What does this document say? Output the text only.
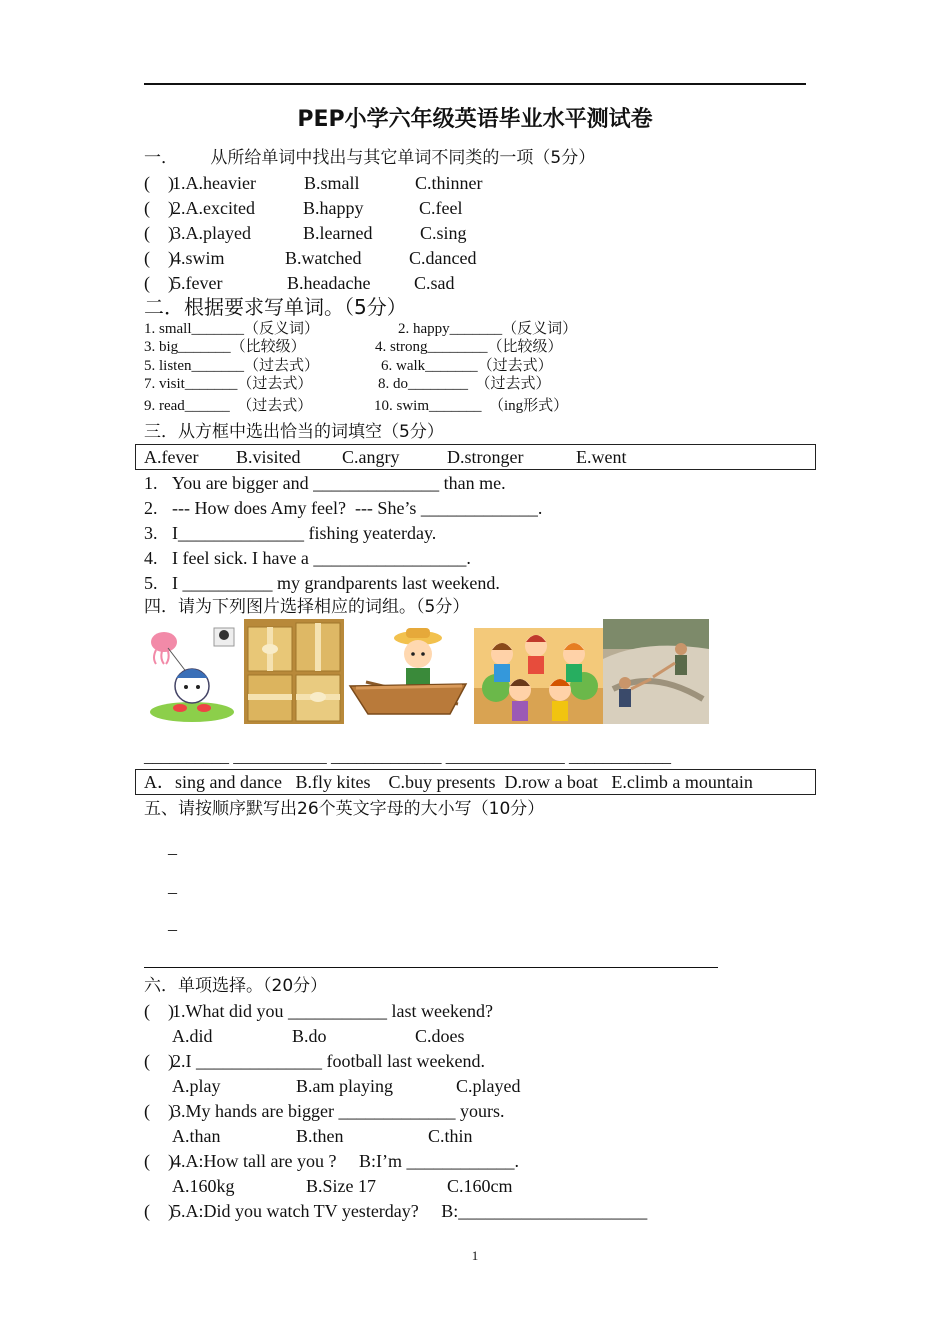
PEP小学六年级英语毕业水平测试卷
一．      从所给单词中找出与其它单词不同类的一项（5分）
(    )
1.A.heavier	B.small	C.thinner
(    )
2.A.excited	B.happy	C.feel
(    )
3.A.played	B.learned	C.sing
(    )
4.swim	B.watched	C.danced
(    )
5.fever	B.headache C.sad
二．根据要求写单词。（5分）
1. small_______（反义词）	2. happy_______（反义词）
3. big_______（比较级）	4. strong________（比较级）
5. listen_______（过去式）	6. walk_______（过去式）
7. visit_______（过去式）	8. do________  （过去式）
9. read______  （过去式）	10. swim_______  （ing形式）
三．从方框中选出恰当的词填空（5分）
A.fever B.visited C.angry	D.stronger	E.went
1. You are bigger and ______________ than me.
2. --- How does Amy feel?  --- She’s _____________.
3. I______________ fishing yeaterday.
4. I feel sick. I have a _________________.
5. I __________ my grandparents last weekend.
四．请为下列图片选择相应的词组。（5分）
__________ ___________ _____________ ______________ ____________
A．sing and dance   B.fly kites    C.buy presents  D.row a boat   E.climb a mountain
五、请按顺序默写出26个英文字母的大小写（10分）
–
–
–
六．单项选择。（20分）
(    )
1.What did you ___________ last weekend?
A.did	B.do	C.does
(    )
2.I ______________ football last weekend.
A.play	B.am playing	C.played
(    )
3.My hands are bigger _____________ yours.
A.than	B.then	C.thin
(    )
4.A:How tall are you ?     B:I’m ____________.
A.160kg	B.Size 17	C.160cm
(    )
5.A:Did you watch TV yesterday?     B:_____________________
1
